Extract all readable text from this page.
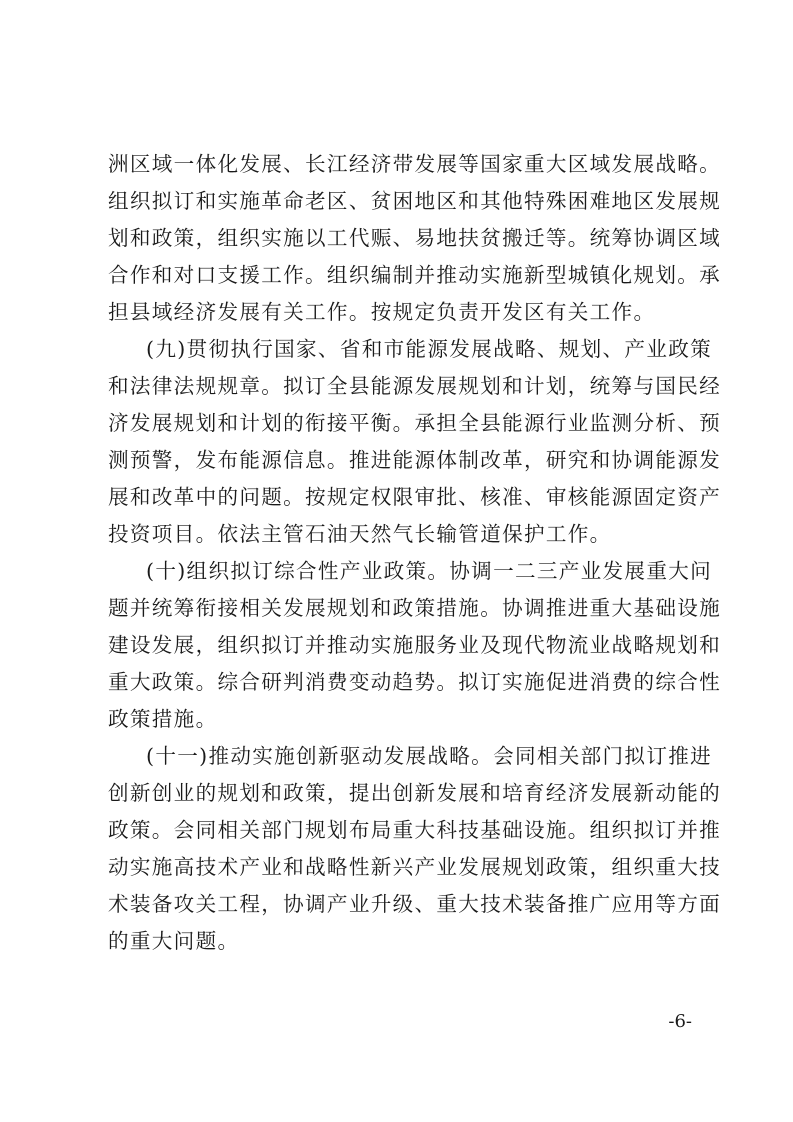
洲区域一体化发展、长江经济带发展等国家重大区域发展战略。
组织拟订和实施革命老区、贫困地区和其他特殊困难地区发展规
划和政策，组织实施以工代赈、易地扶贫搬迁等。统筹协调区域
合作和对口支援工作。组织编制并推动实施新型城镇化规划。承
担县域经济发展有关工作。按规定负责开发区有关工作。
(九)贯彻执行国家、省和市能源发展战略、规划、产业政策
和法律法规规章。拟订全县能源发展规划和计划，统筹与国民经
济发展规划和计划的衔接平衡。承担全县能源行业监测分析、预
测预警，发布能源信息。推进能源体制改革，研究和协调能源发
展和改革中的问题。按规定权限审批、核准、审核能源固定资产
投资项目。依法主管石油天然气长输管道保护工作。
(十)组织拟订综合性产业政策。协调一二三产业发展重大问
题并统筹衔接相关发展规划和政策措施。协调推进重大基础设施
建设发展，组织拟订并推动实施服务业及现代物流业战略规划和
重大政策。综合研判消费变动趋势。拟订实施促进消费的综合性
政策措施。
(十一)推动实施创新驱动发展战略。会同相关部门拟订推进
创新创业的规划和政策，提出创新发展和培育经济发展新动能的
政策。会同相关部门规划布局重大科技基础设施。组织拟订并推
动实施高技术产业和战略性新兴产业发展规划政策，组织重大技
术装备攻关工程，协调产业升级、重大技术装备推广应用等方面
的重大问题。
-6-
